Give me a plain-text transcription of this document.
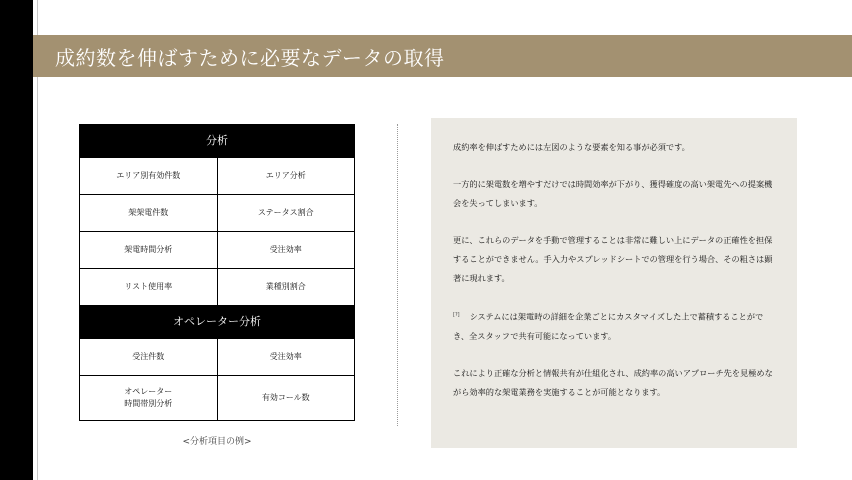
成約数を伸ばすために必要なデータの取得
分析	
エリア別有効件数	エリア分析
架架電件数	ステータス割合
架電時間分析	受注効率
リスト使用率	業種別割合
オペレーター分析	
受注件数	受注効率
オペレーター
時間帯別分析	有効コール数
<分析項目の例>

成約率を伸ばすためには左図のような要素を知る事が必須です。

一方的に架電数を増やすだけでは時間効率が下がり、獲得確度の高い架電先への提案機会を失ってしまいます。

更に、これらのデータを手動で管理することは非常に難しい上にデータの正確性を担保することができません。手入力やスプレッドシートでの管理を行う場合、その粗さは顕著に現れます。

[?] システムには架電時の詳細を企業ごとにカスタマイズした上で蓄積することができ、全スタッフで共有可能になっています。

これにより正確な分析と情報共有が仕組化され、成約率の高いアプローチ先を見極めながら効率的な架電業務を実施することが可能となります。
